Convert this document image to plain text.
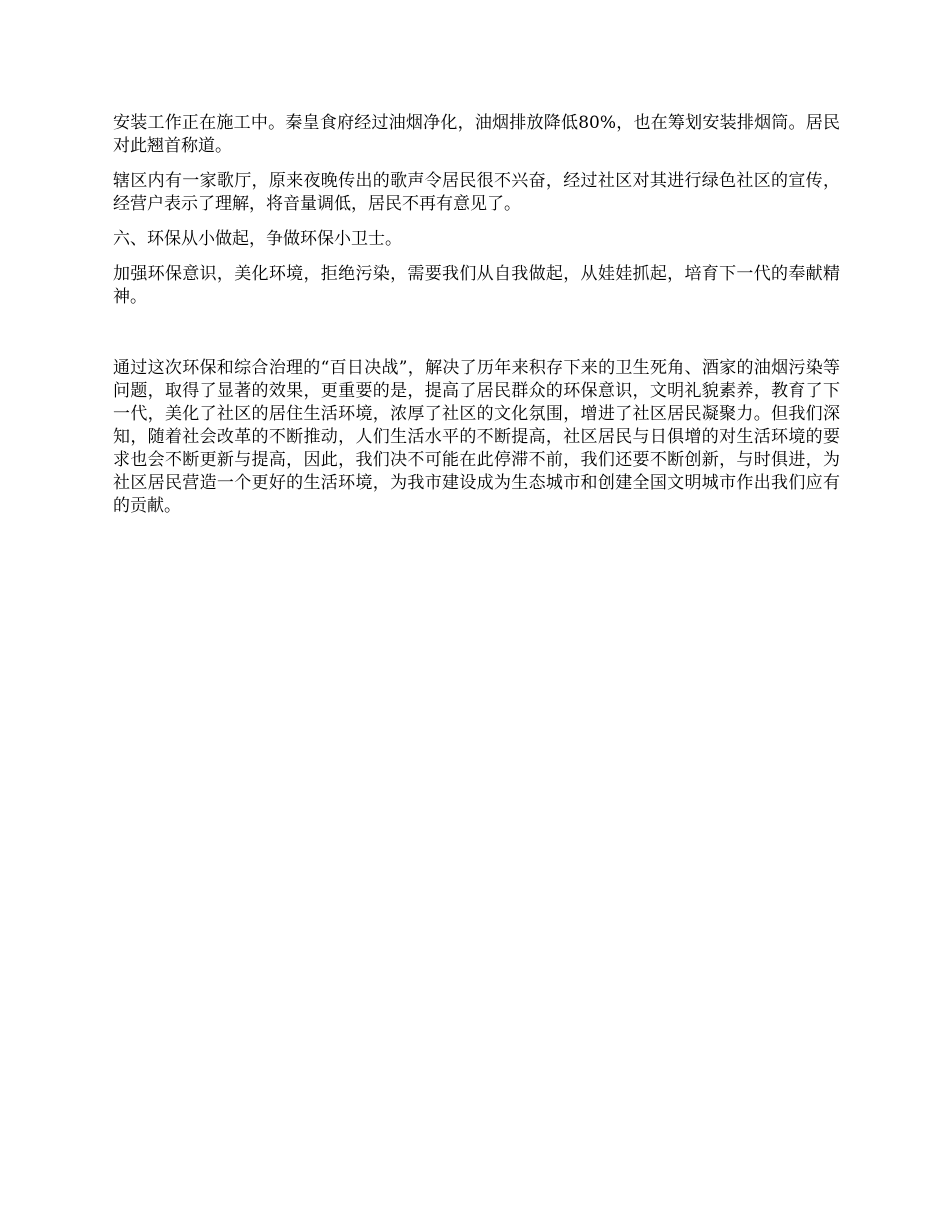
安装工作正在施工中。秦皇食府经过油烟净化，油烟排放降低80%，也在筹划安装排烟筒。居民对此翘首称道。

辖区内有一家歌厅，原来夜晚传出的歌声令居民很不兴奋，经过社区对其进行绿色社区的宣传，经营户表示了理解，将音量调低，居民不再有意见了。

六、环保从小做起，争做环保小卫士。

加强环保意识，美化环境，拒绝污染，需要我们从自我做起，从娃娃抓起，培育下一代的奉献精神。

通过这次环保和综合治理的“百日决战”，解决了历年来积存下来的卫生死角、酒家的油烟污染等问题，取得了显著的效果，更重要的是，提高了居民群众的环保意识，文明礼貌素养，教育了下一代，美化了社区的居住生活环境，浓厚了社区的文化氛围，增进了社区居民凝聚力。但我们深知，随着社会改革的不断推动，人们生活水平的不断提高，社区居民与日俱增的对生活环境的要求也会不断更新与提高，因此，我们决不可能在此停滞不前，我们还要不断创新，与时俱进，为社区居民营造一个更好的生活环境，为我市建设成为生态城市和创建全国文明城市作出我们应有的贡献。
